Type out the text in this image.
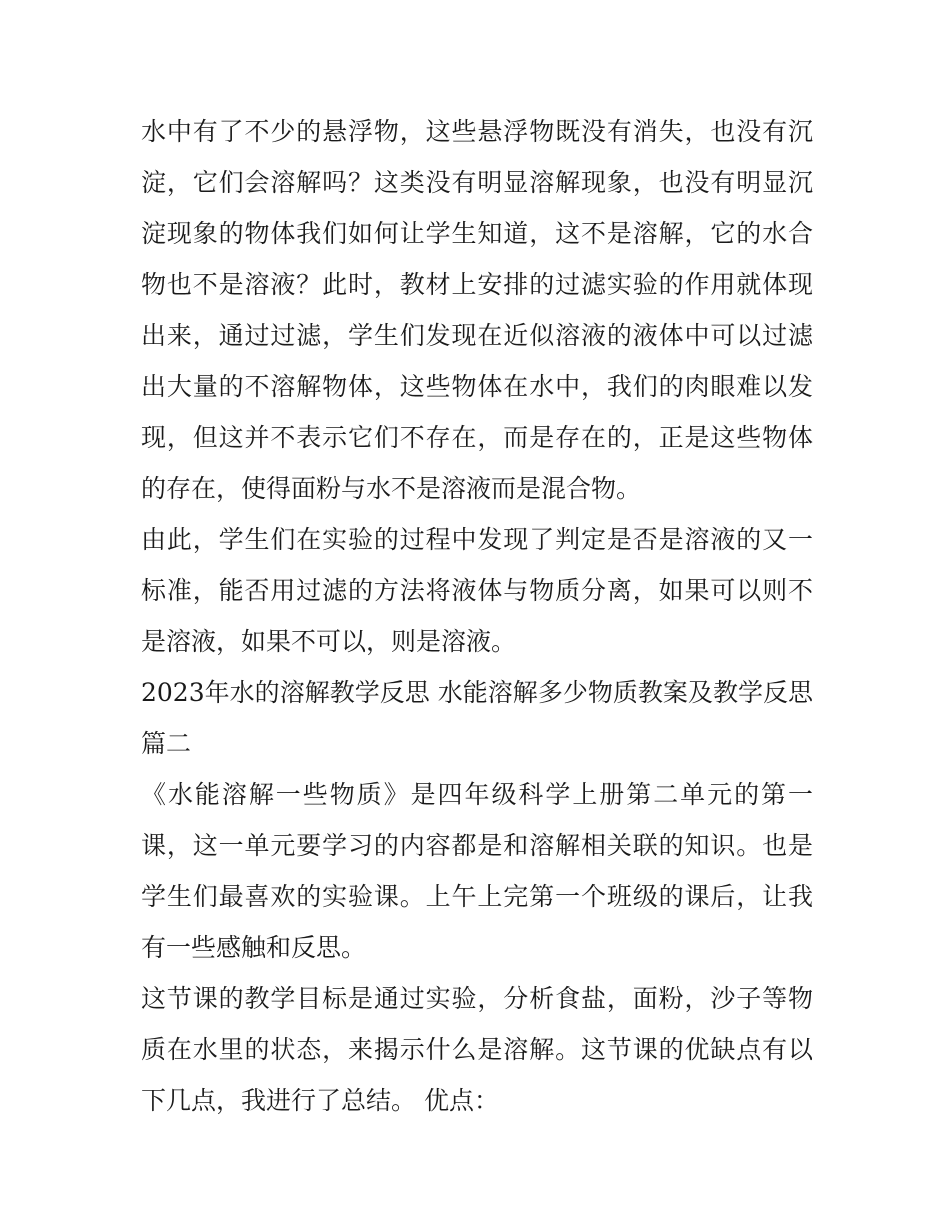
水中有了不少的悬浮物，这些悬浮物既没有消失，也没有沉淀，它们会溶解吗？这类没有明显溶解现象，也没有明显沉淀现象的物体我们如何让学生知道，这不是溶解，它的水合物也不是溶液？此时，教材上安排的过滤实验的作用就体现出来，通过过滤，学生们发现在近似溶液的液体中可以过滤出大量的不溶解物体，这些物体在水中，我们的肉眼难以发现，但这并不表示它们不存在，而是存在的，正是这些物体的存在，使得面粉与水不是溶液而是混合物。

由此，学生们在实验的过程中发现了判定是否是溶液的又一标准，能否用过滤的方法将液体与物质分离，如果可以则不是溶液，如果不可以，则是溶液。

2023年水的溶解教学反思 水能溶解多少物质教案及教学反思篇二

《水能溶解一些物质》是四年级科学上册第二单元的第一课，这一单元要学习的内容都是和溶解相关联的知识。也是学生们最喜欢的实验课。上午上完第一个班级的课后，让我有一些感触和反思。

这节课的教学目标是通过实验，分析食盐，面粉，沙子等物质在水里的状态，来揭示什么是溶解。这节课的优缺点有以下几点，我进行了总结。 优点：
